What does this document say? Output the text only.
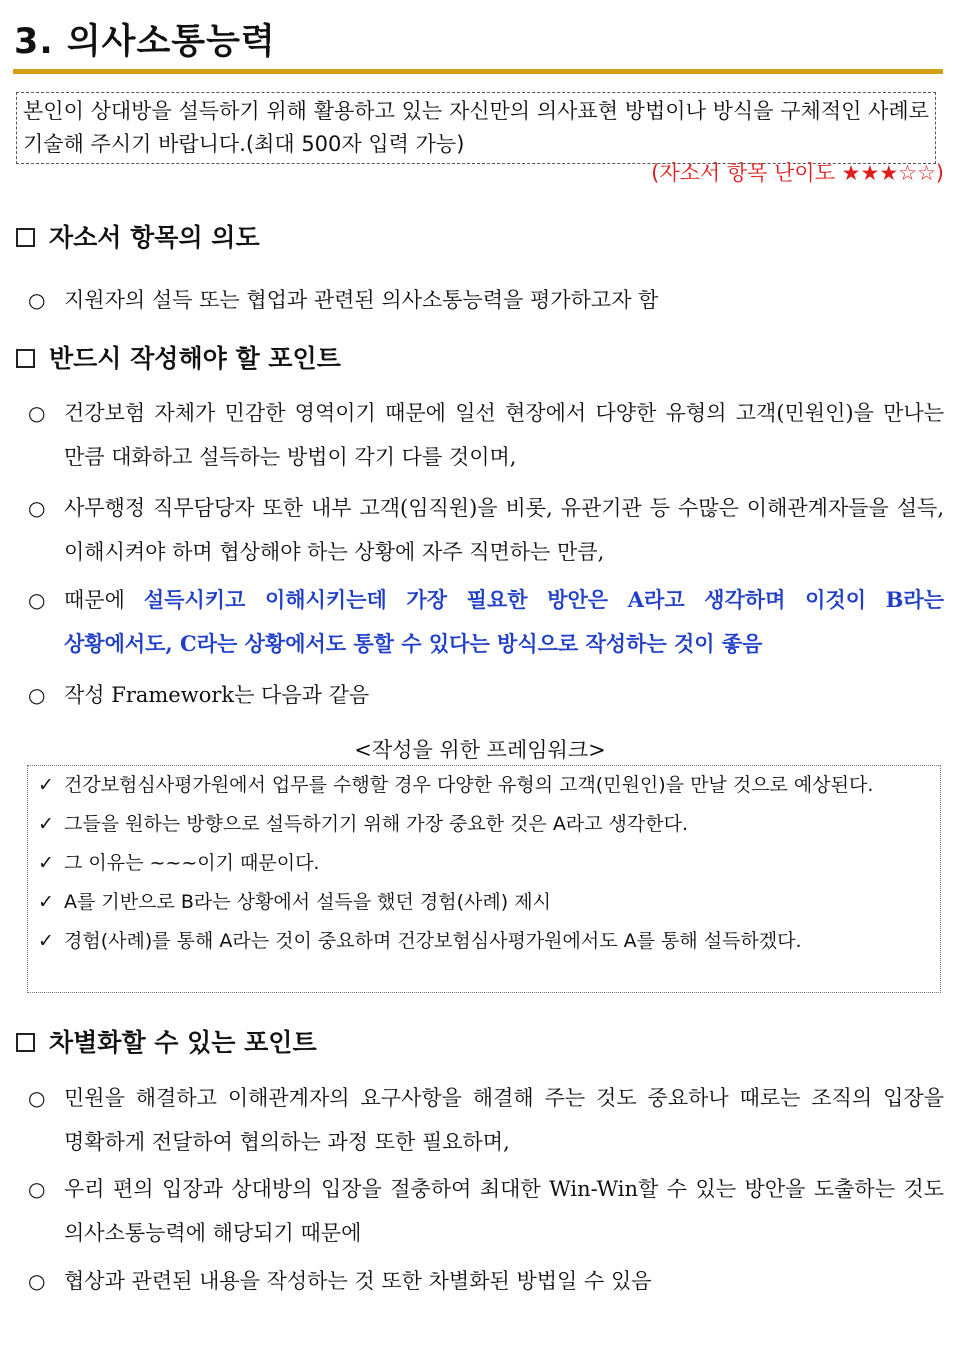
3. 의사소통능력
본인이 상대방을 설득하기 위해 활용하고 있는 자신만의 의사표현 방법이나 방식을 구체적인 사례로 기술해 주시기 바랍니다.(최대 500자 입력 가능)
(자소서 항목 난이도 ★★★☆☆)
자소서 항목의 의도
○ 지원자의 설득 또는 협업과 관련된 의사소통능력을 평가하고자 함
반드시 작성해야 할 포인트
○ 건강보험 자체가 민감한 영역이기 때문에 일선 현장에서 다양한 유형의 고객(민원인)을 만나는 만큼 대화하고 설득하는 방법이 각기 다를 것이며,
○ 사무행정 직무담당자 또한 내부 고객(임직원)을 비롯, 유관기관 등 수많은 이해관계자들을 설득, 이해시켜야 하며 협상해야 하는 상황에 자주 직면하는 만큼,
○ 때문에 설득시키고 이해시키는데 가장 필요한 방안은 A라고 생각하며 이것이 B라는 상황에서도, C라는 상황에서도 통할 수 있다는 방식으로 작성하는 것이 좋음
○ 작성 Framework는 다음과 같음
<작성을 위한 프레임워크>
✓ 건강보험심사평가원에서 업무를 수행할 경우 다양한 유형의 고객(민원인)을 만날 것으로 예상된다.
✓ 그들을 원하는 방향으로 설득하기기 위해 가장 중요한 것은 A라고 생각한다.
✓ 그 이유는 ~~~이기 때문이다.
✓ A를 기반으로 B라는 상황에서 설득을 했던 경험(사례) 제시
✓ 경험(사례)를 통해 A라는 것이 중요하며 건강보험심사평가원에서도 A를 통해 설득하겠다.
차별화할 수 있는 포인트
○ 민원을 해결하고 이해관계자의 요구사항을 해결해 주는 것도 중요하나 때로는 조직의 입장을 명확하게 전달하여 협의하는 과정 또한 필요하며,
○ 우리 편의 입장과 상대방의 입장을 절충하여 최대한 Win-Win할 수 있는 방안을 도출하는 것도 의사소통능력에 해당되기 때문에
○ 협상과 관련된 내용을 작성하는 것 또한 차별화된 방법일 수 있음
